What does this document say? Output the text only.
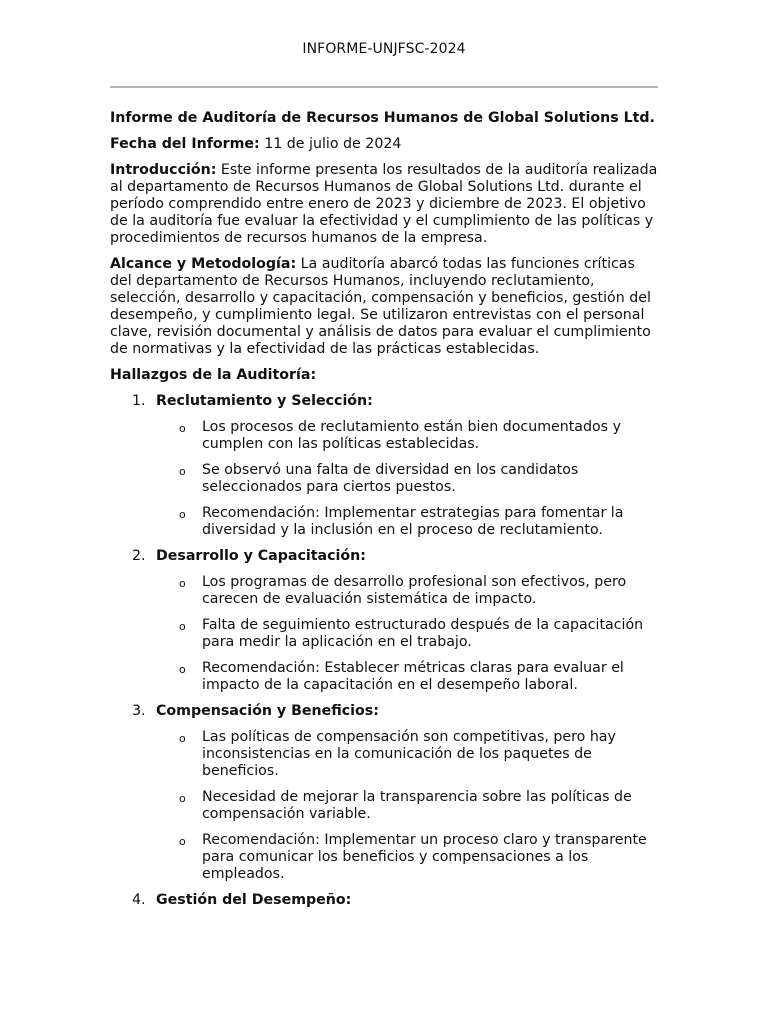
INFORME-UNJFSC-2024

Informe de Auditoría de Recursos Humanos de Global Solutions Ltd.

Fecha del Informe: 11 de julio de 2024

Introducción: Este informe presenta los resultados de la auditoría realizada al departamento de Recursos Humanos de Global Solutions Ltd. durante el período comprendido entre enero de 2023 y diciembre de 2023. El objetivo de la auditoría fue evaluar la efectividad y el cumplimiento de las políticas y procedimientos de recursos humanos de la empresa.

Alcance y Metodología: La auditoría abarcó todas las funciones críticas del departamento de Recursos Humanos, incluyendo reclutamiento, selección, desarrollo y capacitación, compensación y beneficios, gestión del desempeño, y cumplimiento legal. Se utilizaron entrevistas con el personal clave, revisión documental y análisis de datos para evaluar el cumplimiento de normativas y la efectividad de las prácticas establecidas.

Hallazgos de la Auditoría:

1. Reclutamiento y Selección:
o Los procesos de reclutamiento están bien documentados y cumplen con las políticas establecidas.
o Se observó una falta de diversidad en los candidatos seleccionados para ciertos puestos.
o Recomendación: Implementar estrategias para fomentar la diversidad y la inclusión en el proceso de reclutamiento.
2. Desarrollo y Capacitación:
o Los programas de desarrollo profesional son efectivos, pero carecen de evaluación sistemática de impacto.
o Falta de seguimiento estructurado después de la capacitación para medir la aplicación en el trabajo.
o Recomendación: Establecer métricas claras para evaluar el impacto de la capacitación en el desempeño laboral.
3. Compensación y Beneficios:
o Las políticas de compensación son competitivas, pero hay inconsistencias en la comunicación de los paquetes de beneficios.
o Necesidad de mejorar la transparencia sobre las políticas de compensación variable.
o Recomendación: Implementar un proceso claro y transparente para comunicar los beneficios y compensaciones a los empleados.
4. Gestión del Desempeño:
